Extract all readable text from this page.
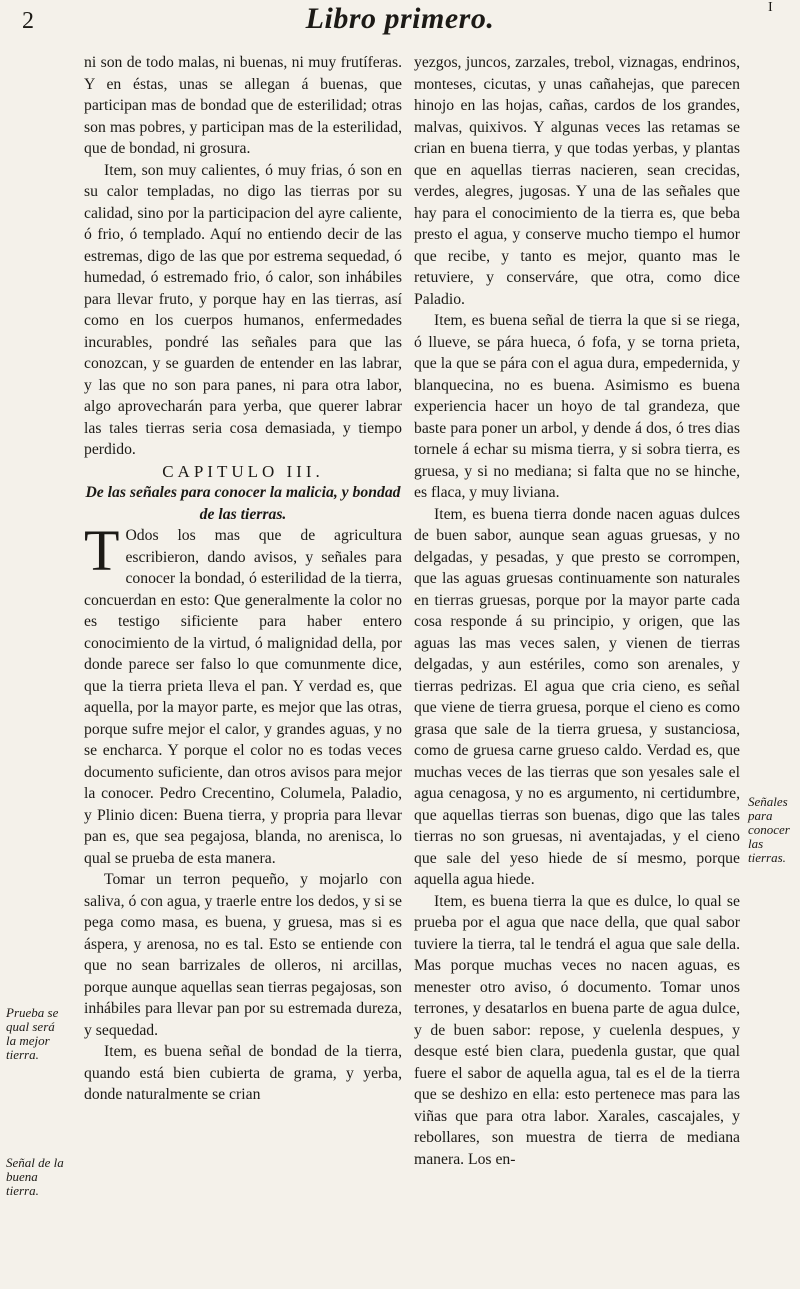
2	Libro primero.	I

ni son de todo malas, ni buenas, ni muy frutíferas. Y en éstas, unas se allegan á buenas, que participan mas de bondad que de esterilidad; otras son mas pobres, y participan mas de la esterilidad, que de bondad, ni grosura.

Item, son muy calientes, ó muy frias, ó son en su calor templadas, no digo las tierras por su calidad, sino por la participacion del ayre caliente, ó frio, ó templado. Aquí no entiendo decir de las estremas, digo de las que por estrema sequedad, ó humedad, ó estremado frio, ó calor, son inhábiles para llevar fruto, y porque hay en las tierras, así como en los cuerpos humanos, enfermedades incurables, pondré las señales para que las conozcan, y se guarden de entender en las labrar, y las que no son para panes, ni para otra labor, algo aprovecharán para yerba, que querer labrar las tales tierras seria cosa demasiada, y tiempo perdido.

CAPITULO III.

De las señales para conocer la malicia, y bondad de las tierras.

T Odos los mas que de agricultura escribieron, dando avisos, y señales para conocer la bondad, ó esterilidad de la tierra, concuerdan en esto: Que generalmente la color no es testigo sificiente para haber entero conocimiento de la virtud, ó malignidad della, por donde parece ser falso lo que comunmente dice, que la tierra prieta lleva el pan. Y verdad es, que aquella, por la mayor parte, es mejor que las otras, porque sufre mejor el calor, y grandes aguas, y no se encharca. Y porque el color no es todas veces documento suficiente, dan otros avisos para mejor la conocer. Pedro Crecentino, Columela, Paladio, y Plinio dicen: Buena tierra, y propria para llevar pan es, que sea pegajosa, blanda, no arenisca, lo qual se prueba de esta manera.

Tomar un terron pequeño, y mojarlo con saliva, ó con agua, y traerle entre los dedos, y si se pega como masa, es buena, y gruesa, mas si es áspera, y arenosa, no es tal. Esto se entiende con que no sean barrizales de olleros, ni arcillas, porque aunque aquellas sean tierras pegajosas, son inhábiles para llevar pan por su estremada dureza, y sequedad.

Item, es buena señal de bondad de la tierra, quando está bien cubierta de grama, y yerba, donde naturalmente se crian

yezgos, juncos, zarzales, trebol, viznagas, endrinos, monteses, cicutas, y unas cañahejas, que parecen hinojo en las hojas, cañas, cardos de los grandes, malvas, quixivos. Y algunas veces las retamas se crian en buena tierra, y que todas yerbas, y plantas que en aquellas tierras nacieren, sean crecidas, verdes, alegres, jugosas. Y una de las señales que hay para el conocimiento de la tierra es, que beba presto el agua, y conserve mucho tiempo el humor que recibe, y tanto es mejor, quanto mas le retuviere, y conserváre, que otra, como dice Paladio.

Item, es buena señal de tierra la que si se riega, ó llueve, se pára hueca, ó fofa, y se torna prieta, que la que se pára con el agua dura, empedernida, y blanquecina, no es buena. Asimismo es buena experiencia hacer un hoyo de tal grandeza, que baste para poner un arbol, y dende á dos, ó tres dias tornele á echar su misma tierra, y si sobra tierra, es gruesa, y si no mediana; si falta que no se hinche, es flaca, y muy liviana.

Item, es buena tierra donde nacen aguas dulces de buen sabor, aunque sean aguas gruesas, y no delgadas, y pesadas, y que presto se corrompen, que las aguas gruesas continuamente son naturales en tierras gruesas, porque por la mayor parte cada cosa responde á su principio, y origen, que las aguas las mas veces salen, y vienen de tierras delgadas, y aun estériles, como son arenales, y tierras pedrizas. El agua que cria cieno, es señal que viene de tierra gruesa, porque el cieno es como grasa que sale de la tierra gruesa, y sustanciosa, como de gruesa carne grueso caldo. Verdad es, que muchas veces de las tierras que son yesales sale el agua cenagosa, y no es argumento, ni certidumbre, que aquellas tierras son buenas, digo que las tales tierras no son gruesas, ni aventajadas, y el cieno que sale del yeso hiede de sí mesmo, porque aquella agua hiede.

Item, es buena tierra la que es dulce, lo qual se prueba por el agua que nace della, que qual sabor tuviere la tierra, tal le tendrá el agua que sale della. Mas porque muchas veces no nacen aguas, es menester otro aviso, ó documento. Tomar unos terrones, y desatarlos en buena parte de agua dulce, y de buen sabor: repose, y cuelenla despues, y desque esté bien clara, puedenla gustar, que qual fuere el sabor de aquella agua, tal es el de la tierra que se deshizo en ella: esto pertenece mas para las viñas que para otra labor. Xarales, cascajales, y rebollares, son muestra de tierra de mediana manera. Los en-

Prueba se qual será la mejor tierra.
Señal de la buena tierra.
Señales para conocer las tierras.
